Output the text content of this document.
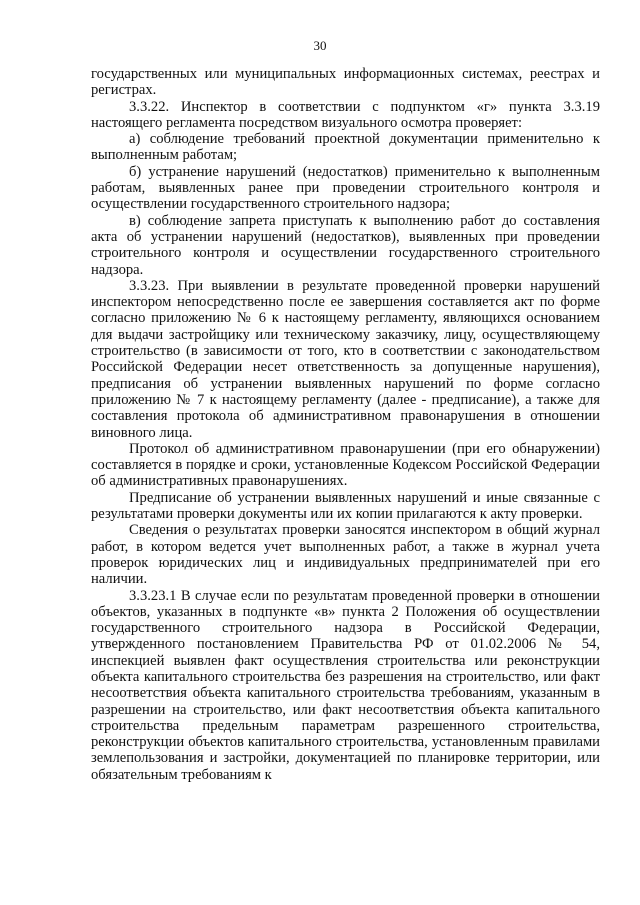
30

государственных или муниципальных информационных системах, реестрах и регистрах.

3.3.22. Инспектор в соответствии с подпунктом «г» пункта 3.3.19 настоящего регламента посредством визуального осмотра проверяет:

а) соблюдение требований проектной документации применительно к выполненным работам;

б) устранение нарушений (недостатков) применительно к выполненным работам, выявленных ранее при проведении строительного контроля и осуществлении государственного строительного надзора;

в) соблюдение запрета приступать к выполнению работ до составления акта об устранении нарушений (недостатков), выявленных при проведении строительного контроля и осуществлении государственного строительного надзора.

3.3.23. При выявлении в результате проведенной проверки нарушений инспектором непосредственно после ее завершения составляется акт по форме согласно приложению № 6 к настоящему регламенту, являющихся основанием для выдачи застройщику или техническому заказчику, лицу, осуществляющему строительство (в зависимости от того, кто в соответствии с законодательством Российской Федерации несет ответственность за допущенные нарушения), предписания об устранении выявленных нарушений по форме согласно приложению № 7 к настоящему регламенту (далее - предписание), а также для составления протокола об административном правонарушения в отношении виновного лица.

Протокол об административном правонарушении (при его обнаружении) составляется в порядке и сроки, установленные Кодексом Российской Федерации об административных правонарушениях.

Предписание об устранении выявленных нарушений и иные связанные с результатами проверки документы или их копии прилагаются к акту проверки.

Сведения о результатах проверки заносятся инспектором в общий журнал работ, в котором ведется учет выполненных работ, а также в журнал учета проверок юридических лиц и индивидуальных предпринимателей при его наличии.

3.3.23.1 В случае если по результатам проведенной проверки в отношении объектов, указанных в подпункте «в» пункта 2 Положения об осуществлении государственного строительного надзора в Российской Федерации, утвержденного постановлением Правительства РФ от 01.02.2006 № 54, инспекцией выявлен факт осуществления строительства или реконструкции объекта капитального строительства без разрешения на строительство, или факт несоответствия объекта капитального строительства требованиям, указанным в разрешении на строительство, или факт несоответствия объекта капитального строительства предельным параметрам разрешенного строительства, реконструкции объектов капитального строительства, установленным правилами землепользования и застройки, документацией по планировке территории, или обязательным требованиям к
